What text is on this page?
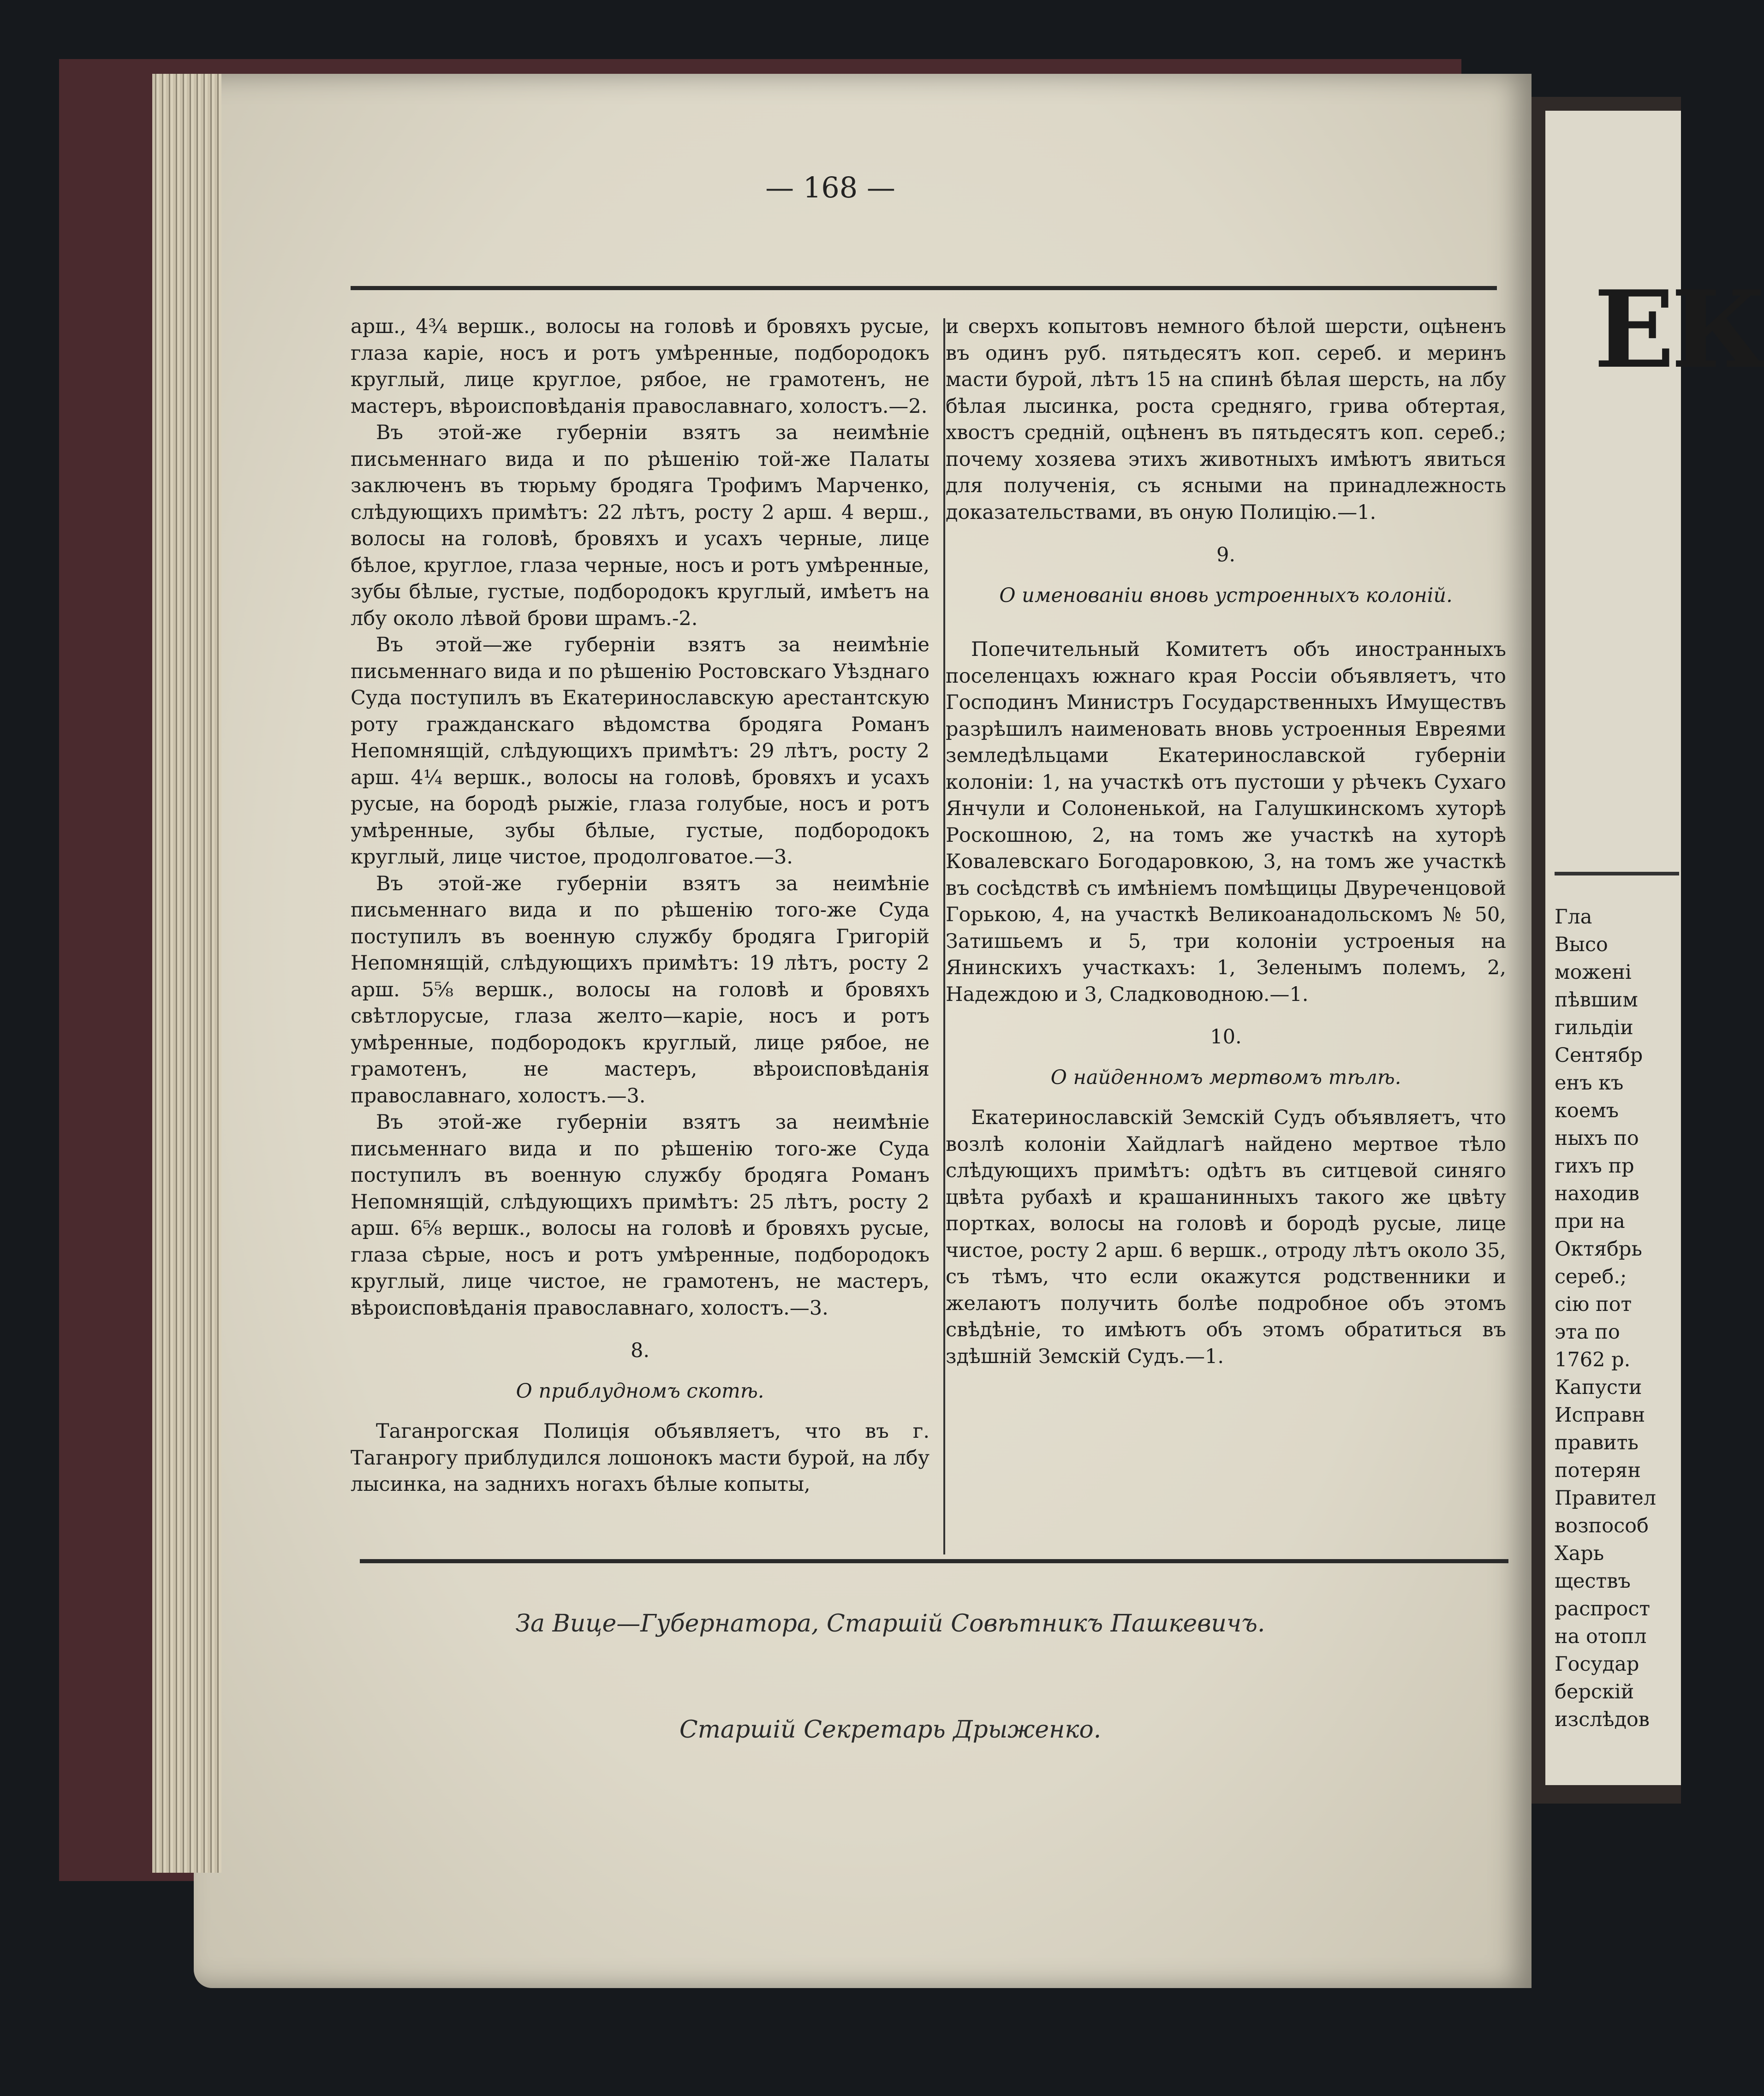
ЕК
Гла
Высо
можені
пѣвшим
гильдіи
Сентябр
енъ къ
коемъ
ныхъ по
гихъ пр
находив
при на
Октябрь
сереб.;
сію пот
эта по
1762 р.
Капусти
Исправн
править
потерян
Правител
возпособ
Харь
ществъ
распрост
на отопл
Государ
берскій
изслѣдов
— 168 —

арш., 4¾ вершк., волосы на головѣ и бровяхъ русые, глаза каріе, носъ и ротъ умѣренные, подбородокъ круглый, лице круглое, рябое, не грамотенъ, не мастеръ, вѣроисповѣданія православнаго, холостъ.—2.

Въ этой-же губерніи взятъ за неимѣніе письменнаго вида и по рѣшенію той-же Палаты заключенъ въ тюрьму бродяга Трофимъ Марченко, слѣдующихъ примѣтъ: 22 лѣтъ, росту 2 арш. 4 верш., волосы на головѣ, бровяхъ и усахъ черные, лице бѣлое, круглое, глаза черные, носъ и ротъ умѣренные, зубы бѣлые, густые, подбородокъ круглый, имѣетъ на лбу около лѣвой брови шрамъ.-2.

Въ этой—же губерніи взятъ за неимѣніе письменнаго вида и по рѣшенію Ростовскаго Уѣзднаго Суда поступилъ въ Екатеринославскую арестантскую роту гражданскаго вѣдомства бродяга Романъ Непомнящій, слѣдующихъ примѣтъ: 29 лѣтъ, росту 2 арш. 4¼ вершк., волосы на головѣ, бровяхъ и усахъ русые, на бородѣ рыжіе, глаза голубые, носъ и ротъ умѣренные, зубы бѣлые, густые, подбородокъ круглый, лице чистое, продолговатое.—3.

Въ этой-же губерніи взятъ за неимѣніе письменнаго вида и по рѣшенію того-же Суда поступилъ въ военную службу бродяга Григорій Непомнящій, слѣдующихъ примѣтъ: 19 лѣтъ, росту 2 арш. 5⅝ вершк., волосы на головѣ и бровяхъ свѣтлорусые, глаза желто—каріе, носъ и ротъ умѣренные, подбородокъ круглый, лице рябое, не грамотенъ, не мастеръ, вѣроисповѣданія православнаго, холостъ.—3.

Въ этой-же губерніи взятъ за неимѣніе письменнаго вида и по рѣшенію того-же Суда поступилъ въ военную службу бродяга Романъ Непомнящій, слѣдующихъ примѣтъ: 25 лѣтъ, росту 2 арш. 6⅝ вершк., волосы на головѣ и бровяхъ русые, глаза сѣрые, носъ и ротъ умѣренные, подбородокъ круглый, лице чистое, не грамотенъ, не мастеръ, вѣроисповѣданія православнаго, холостъ.—3.

8.

О приблудномъ скотѣ.

Таганрогская Полиція объявляетъ, что въ г. Таганрогу приблудился лошонокъ масти бурой, на лбу лысинка, на заднихъ ногахъ бѣлые копыты,

и сверхъ копытовъ немного бѣлой шерсти, оцѣненъ въ одинъ руб. пятьдесятъ коп. сереб. и меринъ масти бурой, лѣтъ 15 на спинѣ бѣлая шерсть, на лбу бѣлая лысинка, роста средняго, грива обтертая, хвостъ средній, оцѣненъ въ пятьдесятъ коп. сереб.; почему хозяева этихъ животныхъ имѣютъ явиться для полученія, съ ясными на принадлежность доказательствами, въ оную Полицію.—1.

9.

О именованіи вновь устроенныхъ колоній.

Попечительный Комитетъ объ иностранныхъ поселенцахъ южнаго края Россіи объявляетъ, что Господинъ Министръ Государственныхъ Имуществъ разрѣшилъ наименовать вновь устроенныя Евреями земледѣльцами Екатеринославской губерніи колоніи: 1, на участкѣ отъ пустоши у рѣчекъ Сухаго Янчули и Солоненькой, на Галушкинскомъ хуторѣ Роскошною, 2, на томъ же участкѣ на хуторѣ Ковалевскаго Богодаровкою, 3, на томъ же участкѣ въ сосѣдствѣ съ имѣніемъ помѣщицы Двуреченцовой Горькою, 4, на участкѣ Великоанадольскомъ № 50, Затишьемъ и 5, три колоніи устроеныя на Янинскихъ участкахъ: 1, Зеленымъ полемъ, 2, Надеждою и 3, Сладководною.—1.

10.

О найденномъ мертвомъ тѣлѣ.

Екатеринославскій Земскій Судъ объявляетъ, что возлѣ колоніи Хайдлагѣ найдено мертвое тѣло слѣдующихъ примѣтъ: одѣтъ въ ситцевой синяго цвѣта рубахѣ и крашанинныхъ такого же цвѣту портках, волосы на головѣ и бородѣ русые, лице чистое, росту 2 арш. 6 вершк., отроду лѣтъ около 35, съ тѣмъ, что если окажутся родственники и желаютъ получить болѣе подробное объ этомъ свѣдѣніе, то имѣютъ объ этомъ обратиться въ здѣшній Земскій Судъ.—1.

За Вице—Губернатора, Старшій Совѣтникъ Пашкевичъ.
Старшій Секретарь Дрыженко.
